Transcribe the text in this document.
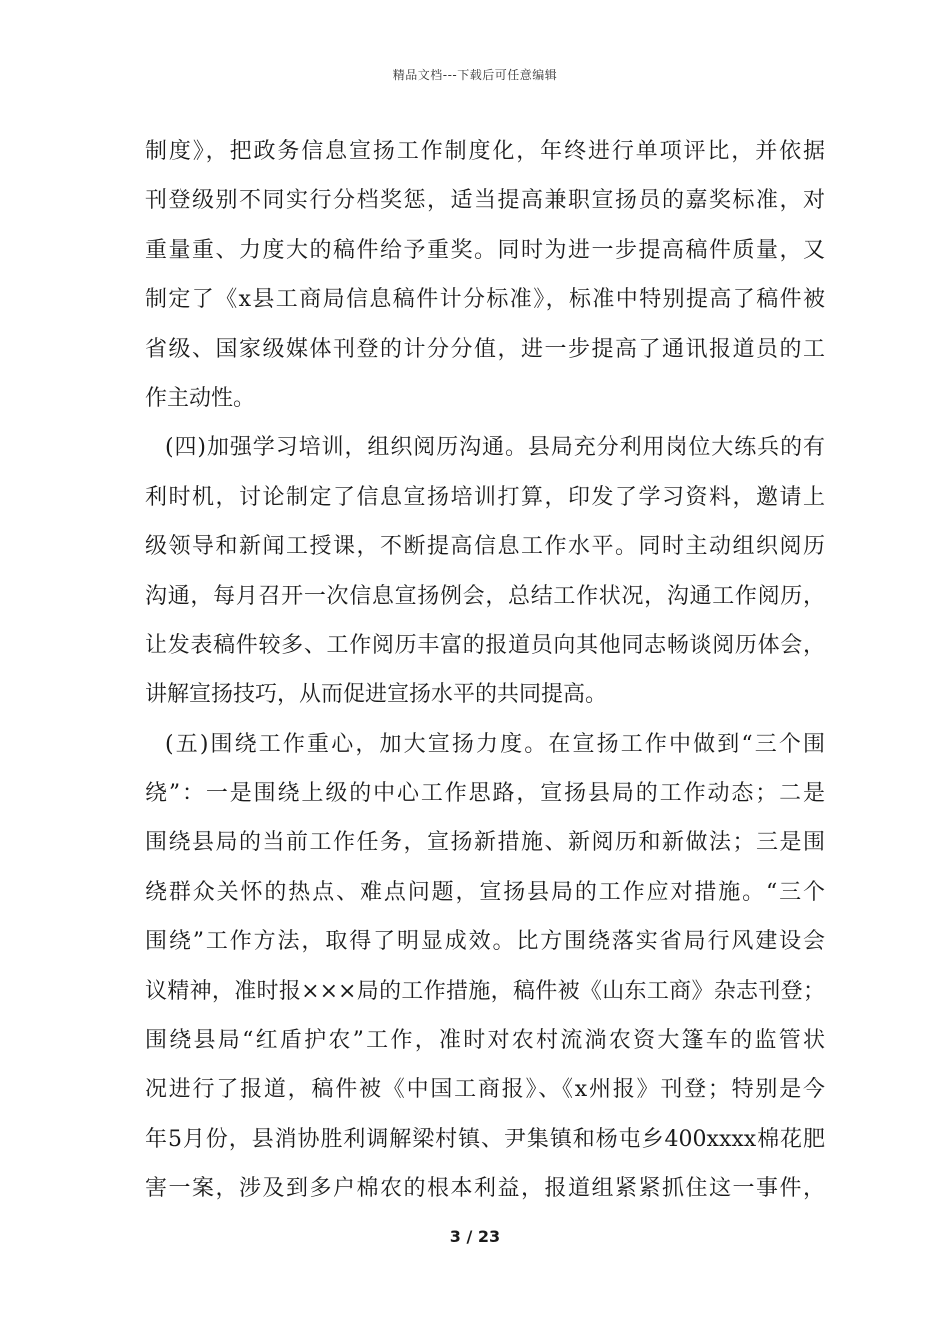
精品文档---下载后可任意编辑
制度》，把政务信息宣扬工作制度化，年终进行单项评比，并依据
刊登级别不同实行分档奖惩，适当提高兼职宣扬员的嘉奖标准，对
重量重、力度大的稿件给予重奖。同时为进一步提高稿件质量，又
制定了《x县工商局信息稿件计分标准》，标准中特别提高了稿件被
省级、国家级媒体刊登的计分分值，进一步提高了通讯报道员的工
作主动性。
(四)加强学习培训，组织阅历沟通。县局充分利用岗位大练兵的有
利时机，讨论制定了信息宣扬培训打算，印发了学习资料，邀请上
级领导和新闻工授课，不断提高信息工作水平。同时主动组织阅历
沟通，每月召开一次信息宣扬例会，总结工作状况，沟通工作阅历，
让发表稿件较多、工作阅历丰富的报道员向其他同志畅谈阅历体会，
讲解宣扬技巧，从而促进宣扬水平的共同提高。
(五)围绕工作重心，加大宣扬力度。在宣扬工作中做到“三个围
绕”：一是围绕上级的中心工作思路，宣扬县局的工作动态；二是
围绕县局的当前工作任务，宣扬新措施、新阅历和新做法；三是围
绕群众关怀的热点、难点问题，宣扬县局的工作应对措施。“三个
围绕”工作方法，取得了明显成效。比方围绕落实省局行风建设会
议精神，准时报×××局的工作措施，稿件被《山东工商》杂志刊登；
围绕县局“红盾护农”工作，准时对农村流淌农资大篷车的监管状
况进行了报道，稿件被《中国工商报》、《x州报》刊登；特别是今
年5月份，县消协胜利调解梁村镇、尹集镇和杨屯乡400xxxx棉花肥
害一案，涉及到多户棉农的根本利益，报道组紧紧抓住这一事件，
3 / 23
